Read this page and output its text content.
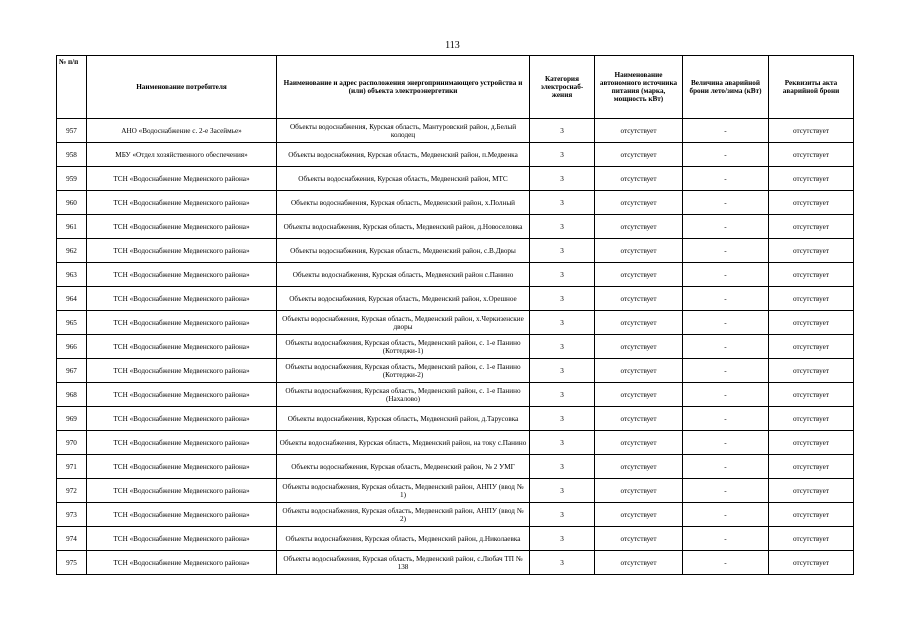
113
№ п/п	Наименование потребителя	Наименование и адрес расположения энергопринимающего устройства и (или) объекта электроэнергетики	Категория электроснаб-жения	Наименование автономного источника питания (марка, мощность кВт)	Величина аварийной брони лето/зима (кВт)	Реквизиты акта аварийной брони
957	АНО «Водоснабжение с. 2-е Засеймье»	Объекты водоснабжения, Курская область, Мантуровский район, д.Белый колодец	3	отсутствует	-	отсутствует
958	МБУ «Отдел хозяйственного обеспечения»	Объекты водоснабжения, Курская область, Медвенский район, п.Медвенка	3	отсутствует	-	отсутствует
959	ТСН «Водоснабжение Медвенского района»	Объекты водоснабжения, Курская область, Медвенский район, МТС	3	отсутствует	-	отсутствует
960	ТСН «Водоснабжение Медвенского района»	Объекты водоснабжения, Курская область, Медвенский район, х.Полный	3	отсутствует	-	отсутствует
961	ТСН «Водоснабжение Медвенского района»	Объекты водоснабжения, Курская область, Медвенский район, д.Новоселовка	3	отсутствует	-	отсутствует
962	ТСН «Водоснабжение Медвенского района»	Объекты водоснабжения, Курская область, Медвенский район, с.В.Дворы	3	отсутствует	-	отсутствует
963	ТСН «Водоснабжение Медвенского района»	Объекты водоснабжения, Курская область, Медвенский район с.Панино	3	отсутствует	-	отсутствует
964	ТСН «Водоснабжение Медвенского района»	Объекты водоснабжения, Курская область, Медвенский район, х.Орешное	3	отсутствует	-	отсутствует
965	ТСН «Водоснабжение Медвенского района»	Объекты водоснабжения, Курская область, Медвенский район, х.Черкизенские дворы	3	отсутствует	-	отсутствует
966	ТСН «Водоснабжение Медвенского района»	Объекты водоснабжения, Курская область, Медвенский район, с. 1-е Панино (Коттеджи-1)	3	отсутствует	-	отсутствует
967	ТСН «Водоснабжение Медвенского района»	Объекты водоснабжения, Курская область, Медвенский район, с. 1-е Панино (Коттеджи-2)	3	отсутствует	-	отсутствует
968	ТСН «Водоснабжение Медвенского района»	Объекты водоснабжения, Курская область, Медвенский район, с. 1-е Панино (Нахалово)	3	отсутствует	-	отсутствует
969	ТСН «Водоснабжение Медвенского района»	Объекты водоснабжения, Курская область, Медвенский район, д.Тарусовка	3	отсутствует	-	отсутствует
970	ТСН «Водоснабжение Медвенского района»	Объекты водоснабжения, Курская область, Медвенский район, на току с.Панино	3	отсутствует	-	отсутствует
971	ТСН «Водоснабжение Медвенского района»	Объекты водоснабжения, Курская область, Медвенский район, № 2 УМГ	3	отсутствует	-	отсутствует
972	ТСН «Водоснабжение Медвенского района»	Объекты водоснабжения, Курская область, Медвенский район, АНПУ (ввод № 1)	3	отсутствует	-	отсутствует
973	ТСН «Водоснабжение Медвенского района»	Объекты водоснабжения, Курская область, Медвенский район, АНПУ (ввод № 2)	3	отсутствует	-	отсутствует
974	ТСН «Водоснабжение Медвенского района»	Объекты водоснабжения, Курская область, Медвенский район, д.Николаевка	3	отсутствует	-	отсутствует
975	ТСН «Водоснабжение Медвенского района»	Объекты водоснабжения, Курская область, Медвенский район, с.Любач ТП № 138	3	отсутствует	-	отсутствует
